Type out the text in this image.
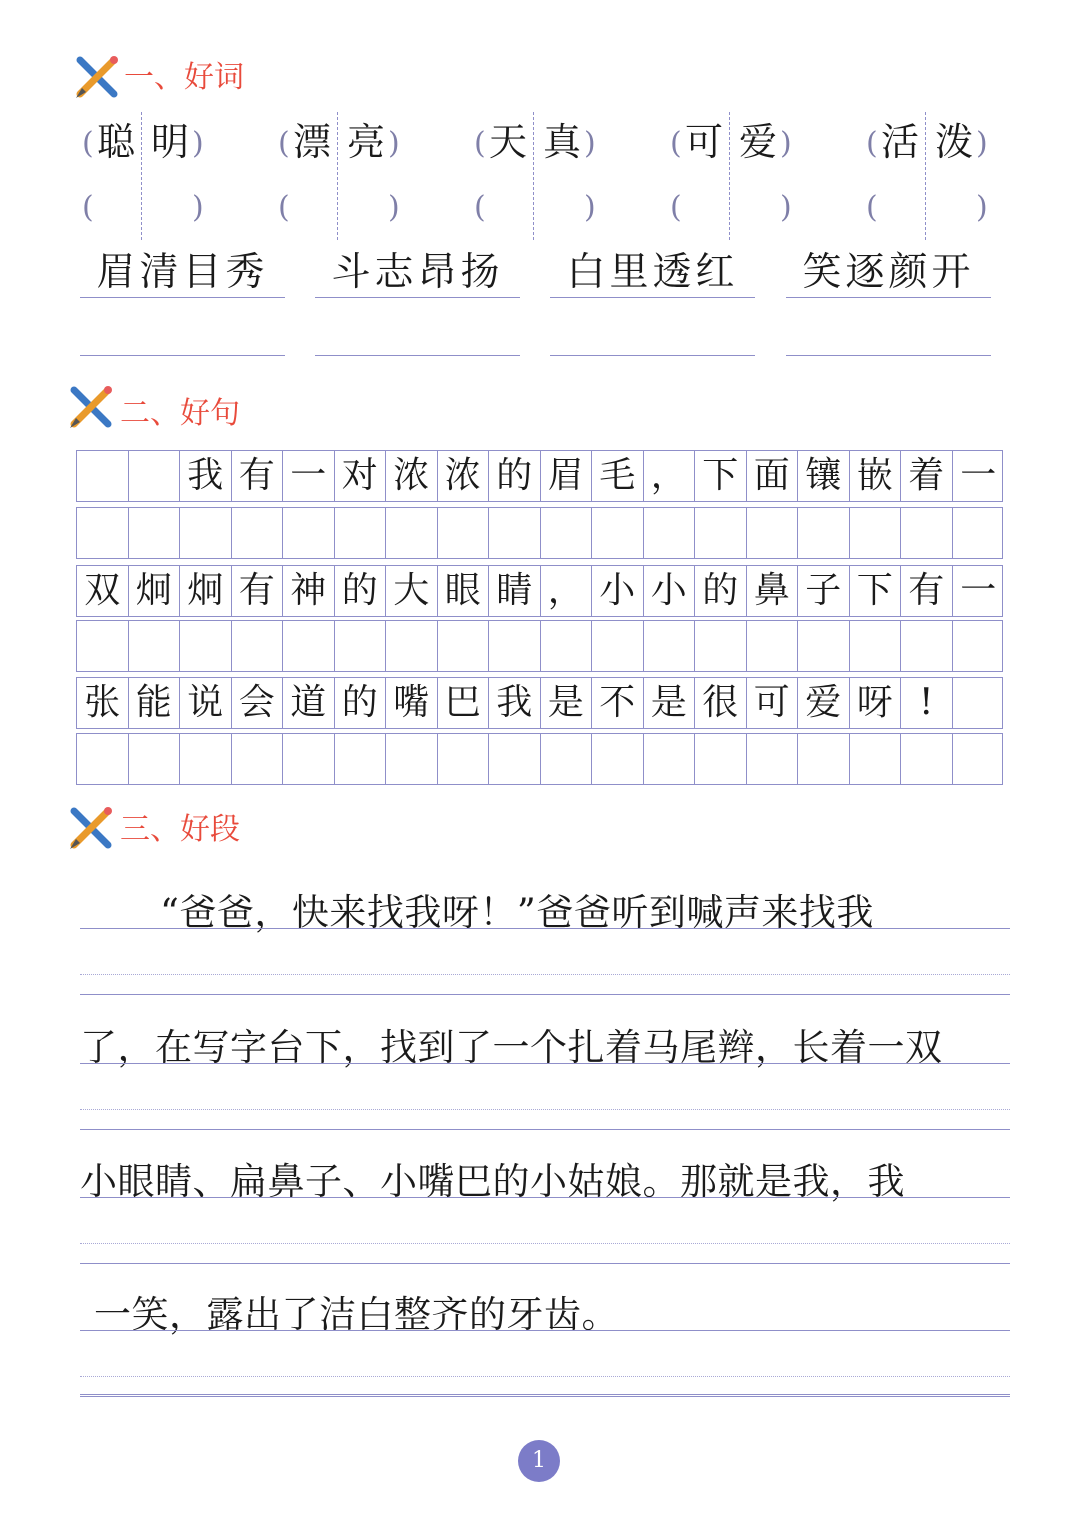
一、好词
( 聪 明 )
(	)
( 漂 亮 )
(	)
( 天 真 )
(	)
( 可 爱 )
(	)
( 活 泼 )
(	)
眉清目秀	斗志昂扬	白里透红	笑逐颜开
二、好句
我 有 一 对 浓 浓 的 眉 毛 ， 下 面 镶 嵌 着 一
双 炯 炯 有 神 的 大 眼 睛 ， 小 小 的 鼻 子 下 有 一
张 能 说 会 道 的 嘴 巴 我 是 不 是 很 可 爱 呀 !
三、好段
“爸爸，快来找我呀！”爸爸听到喊声来找我
了，在写字台下，找到了一个扎着马尾辫，长着一双
小眼睛、扁鼻子、小嘴巴的小姑娘。那就是我，我
一笑，露出了洁白整齐的牙齿。
1
